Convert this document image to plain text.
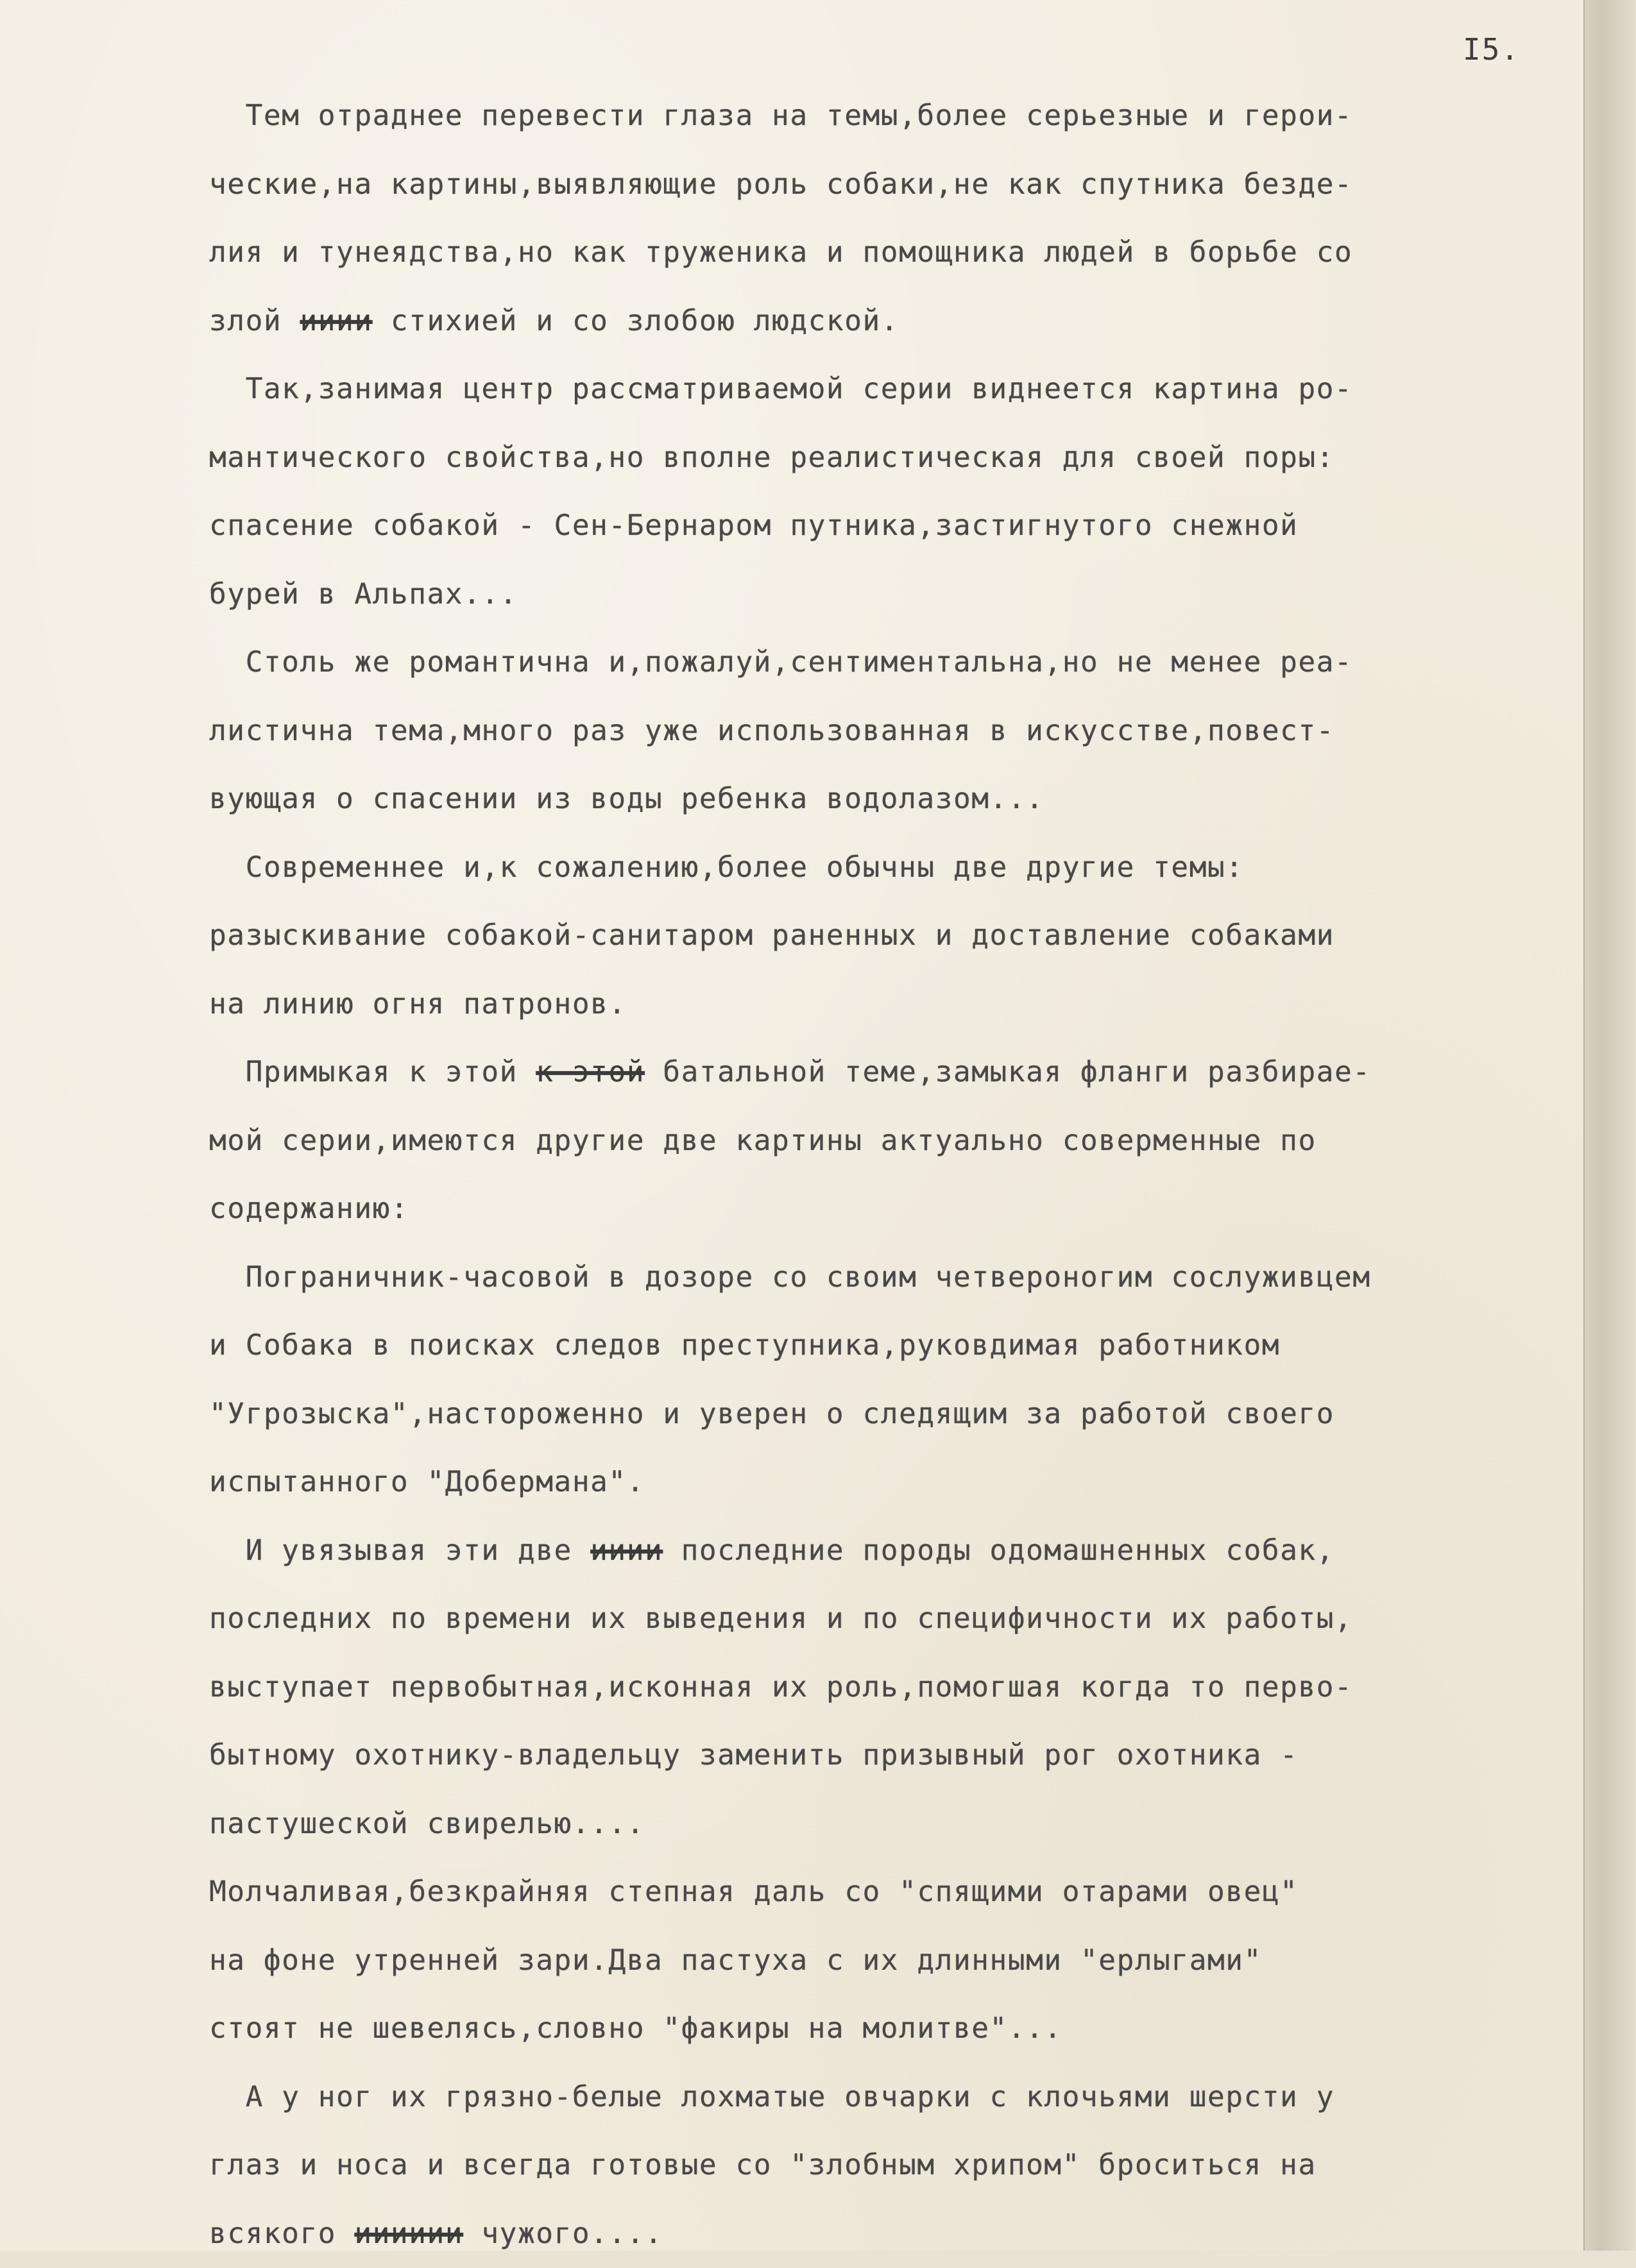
I5.
Тем отраднее перевести глаза на темы,более серьезные и герои-
ческие,на картины,выявляющие роль собаки,не как спутника безде-
лия и тунеядства,но как труженика и помощника людей в борьбе со
злой ииии стихией и со злобою людской.
Так,занимая центр рассматриваемой серии виднеется картина ро-
мантического свойства,но вполне реалистическая для своей поры:
спасение собакой - Сен-Бернаром путника,застигнутого снежной
бурей в Альпах...
Столь же романтична и,пожалуй,сентиментальна,но не менее реа-
листична тема,много раз уже использованная в искусстве,повест-
вующая о спасении из воды ребенка водолазом...
Современнее и,к сожалению,более обычны две другие темы:
разыскивание собакой-санитаром раненных и доставление собаками
на линию огня патронов.
Примыкая к этой к этой батальной теме,замыкая фланги разбирае-
мой серии,имеются другие две картины актуально соверменные по
содержанию:
Пограничник-часовой в дозоре со своим четвероногим сослуживцем
и Собака в поисках следов преступника,руковдимая работником
"Угрозыска",настороженно и уверен о следящим за работой своего
испытанного "Добермана".
И увязывая эти две ииии последние породы одомашненных собак,
последних по времени их выведения и по специфичности их работы,
выступает первобытная,исконная их роль,помогшая когда то перво-
бытному охотнику-владельцу заменить призывный рог охотника -
пастушеской свирелью....
Молчаливая,безкрайняя степная даль со "спящими отарами овец"
на фоне утренней зари.Два пастуха с их длинными "ерлыгами"
стоят не шевелясь,словно "факиры на молитве"...
А у ног их грязно-белые лохматые овчарки с клочьями шерсти у
глаз и носа и всегда готовые со "злобным хрипом" броситься на
всякого ииииии чужого....
